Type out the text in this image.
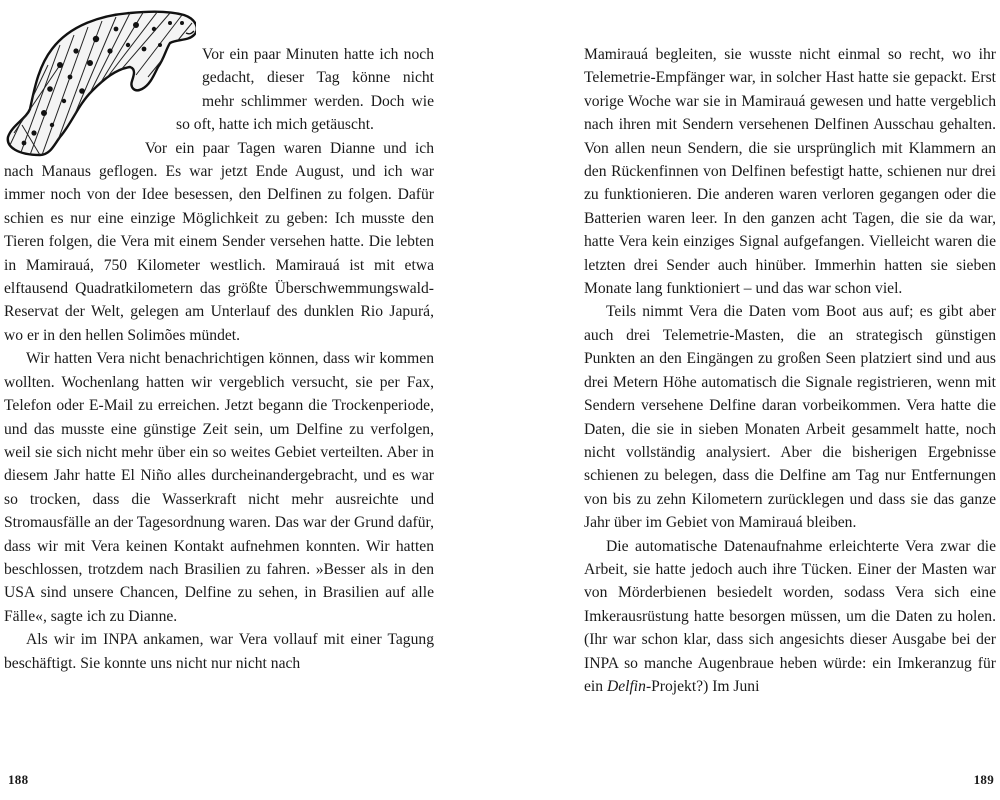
Vor ein paar Minuten hatte ich noch gedacht, dieser Tag könne nicht mehr schlimmer werden. Doch wie so oft, hatte ich mich getäuscht.

Vor ein paar Tagen waren Dianne und ich nach Manaus geflogen. Es war jetzt Ende August, und ich war immer noch von der Idee besessen, den Delfinen zu folgen. Dafür schien es nur eine einzige Möglichkeit zu geben: Ich musste den Tieren folgen, die Vera mit einem Sender versehen hatte. Die lebten in Mamirauá, 750 Kilometer westlich. Mamirauá ist mit etwa elftausend Quadratkilometern das größte Überschwemmungswald-Reservat der Welt, gelegen am Unterlauf des dunklen Rio Japurá, wo er in den hellen Solimões mündet.

Wir hatten Vera nicht benachrichtigen können, dass wir kommen wollten. Wochenlang hatten wir vergeblich versucht, sie per Fax, Telefon oder E-Mail zu erreichen. Jetzt begann die Trockenperiode, und das musste eine günstige Zeit sein, um Delfine zu verfolgen, weil sie sich nicht mehr über ein so weites Gebiet verteilten. Aber in diesem Jahr hatte El Niño alles durcheinandergebracht, und es war so trocken, dass die Wasserkraft nicht mehr ausreichte und Stromausfälle an der Tagesordnung waren. Das war der Grund dafür, dass wir mit Vera keinen Kontakt aufnehmen konnten. Wir hatten beschlossen, trotzdem nach Brasilien zu fahren. »Besser als in den USA sind unsere Chancen, Delfine zu sehen, in Brasilien auf alle Fälle«, sagte ich zu Dianne.

Als wir im INPA ankamen, war Vera vollauf mit einer Tagung beschäftigt. Sie konnte uns nicht nur nicht nach

188

Mamirauá begleiten, sie wusste nicht einmal so recht, wo ihr Telemetrie-Empfänger war, in solcher Hast hatte sie gepackt. Erst vorige Woche war sie in Mamirauá gewesen und hatte vergeblich nach ihren mit Sendern versehenen Delfinen Ausschau gehalten. Von allen neun Sendern, die sie ursprünglich mit Klammern an den Rückenfinnen von Delfinen befestigt hatte, schienen nur drei zu funktionieren. Die anderen waren verloren gegangen oder die Batterien waren leer. In den ganzen acht Tagen, die sie da war, hatte Vera kein einziges Signal aufgefangen. Vielleicht waren die letzten drei Sender auch hinüber. Immerhin hatten sie sieben Monate lang funktioniert – und das war schon viel.

Teils nimmt Vera die Daten vom Boot aus auf; es gibt aber auch drei Telemetrie-Masten, die an strategisch günstigen Punkten an den Eingängen zu großen Seen platziert sind und aus drei Metern Höhe automatisch die Signale registrieren, wenn mit Sendern versehene Delfine daran vorbeikommen. Vera hatte die Daten, die sie in sieben Monaten Arbeit gesammelt hatte, noch nicht vollständig analysiert. Aber die bisherigen Ergebnisse schienen zu belegen, dass die Delfine am Tag nur Entfernungen von bis zu zehn Kilometern zurücklegen und dass sie das ganze Jahr über im Gebiet von Mamirauá bleiben.

Die automatische Datenaufnahme erleichterte Vera zwar die Arbeit, sie hatte jedoch auch ihre Tücken. Einer der Masten war von Mörderbienen besiedelt worden, sodass Vera sich eine Imkerausrüstung hatte besorgen müssen, um die Daten zu holen. (Ihr war schon klar, dass sich angesichts dieser Ausgabe bei der INPA so manche Augenbraue heben würde: ein Imkeranzug für ein Delfin-Projekt?) Im Juni

189
